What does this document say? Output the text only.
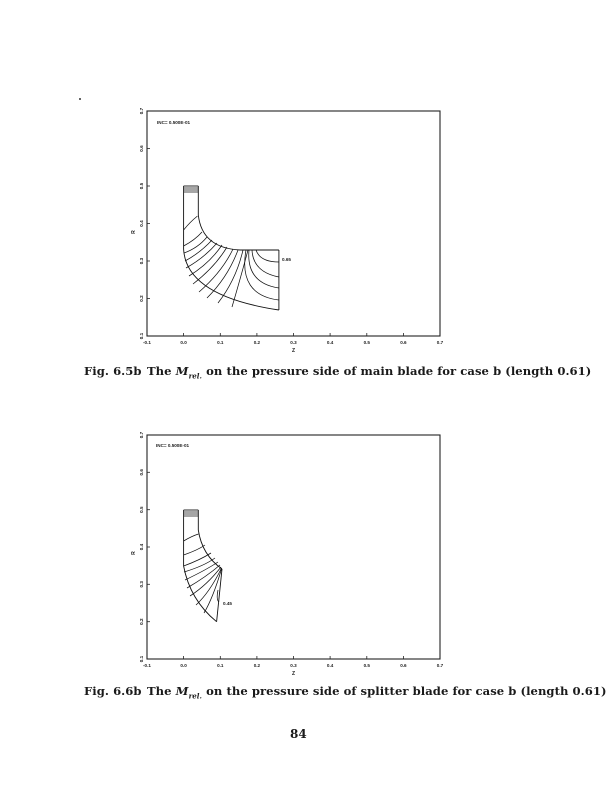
-0.1	0.0	0.1	0.2	0.3	0.4	0.5	0.6	0.7
0.1
0.2
0.3
0.4
0.5
0.6
0.7
Z
R
INC= 0.500E-01
0.65
Fig. 6.5b The $M_{rel.}$ on the pressure side of main blade for case b (length 0.61)
-0.1	0.0	0.1	0.2	0.3	0.4	0.5	0.6	0.7
0.1
0.2
0.3
0.4
0.5
0.6
0.7
Z
R
INC= 0.500E-01
0.45
Fig. 6.6b The $M_{rel.}$ on the pressure side of splitter blade for case b (length 0.61)
84
